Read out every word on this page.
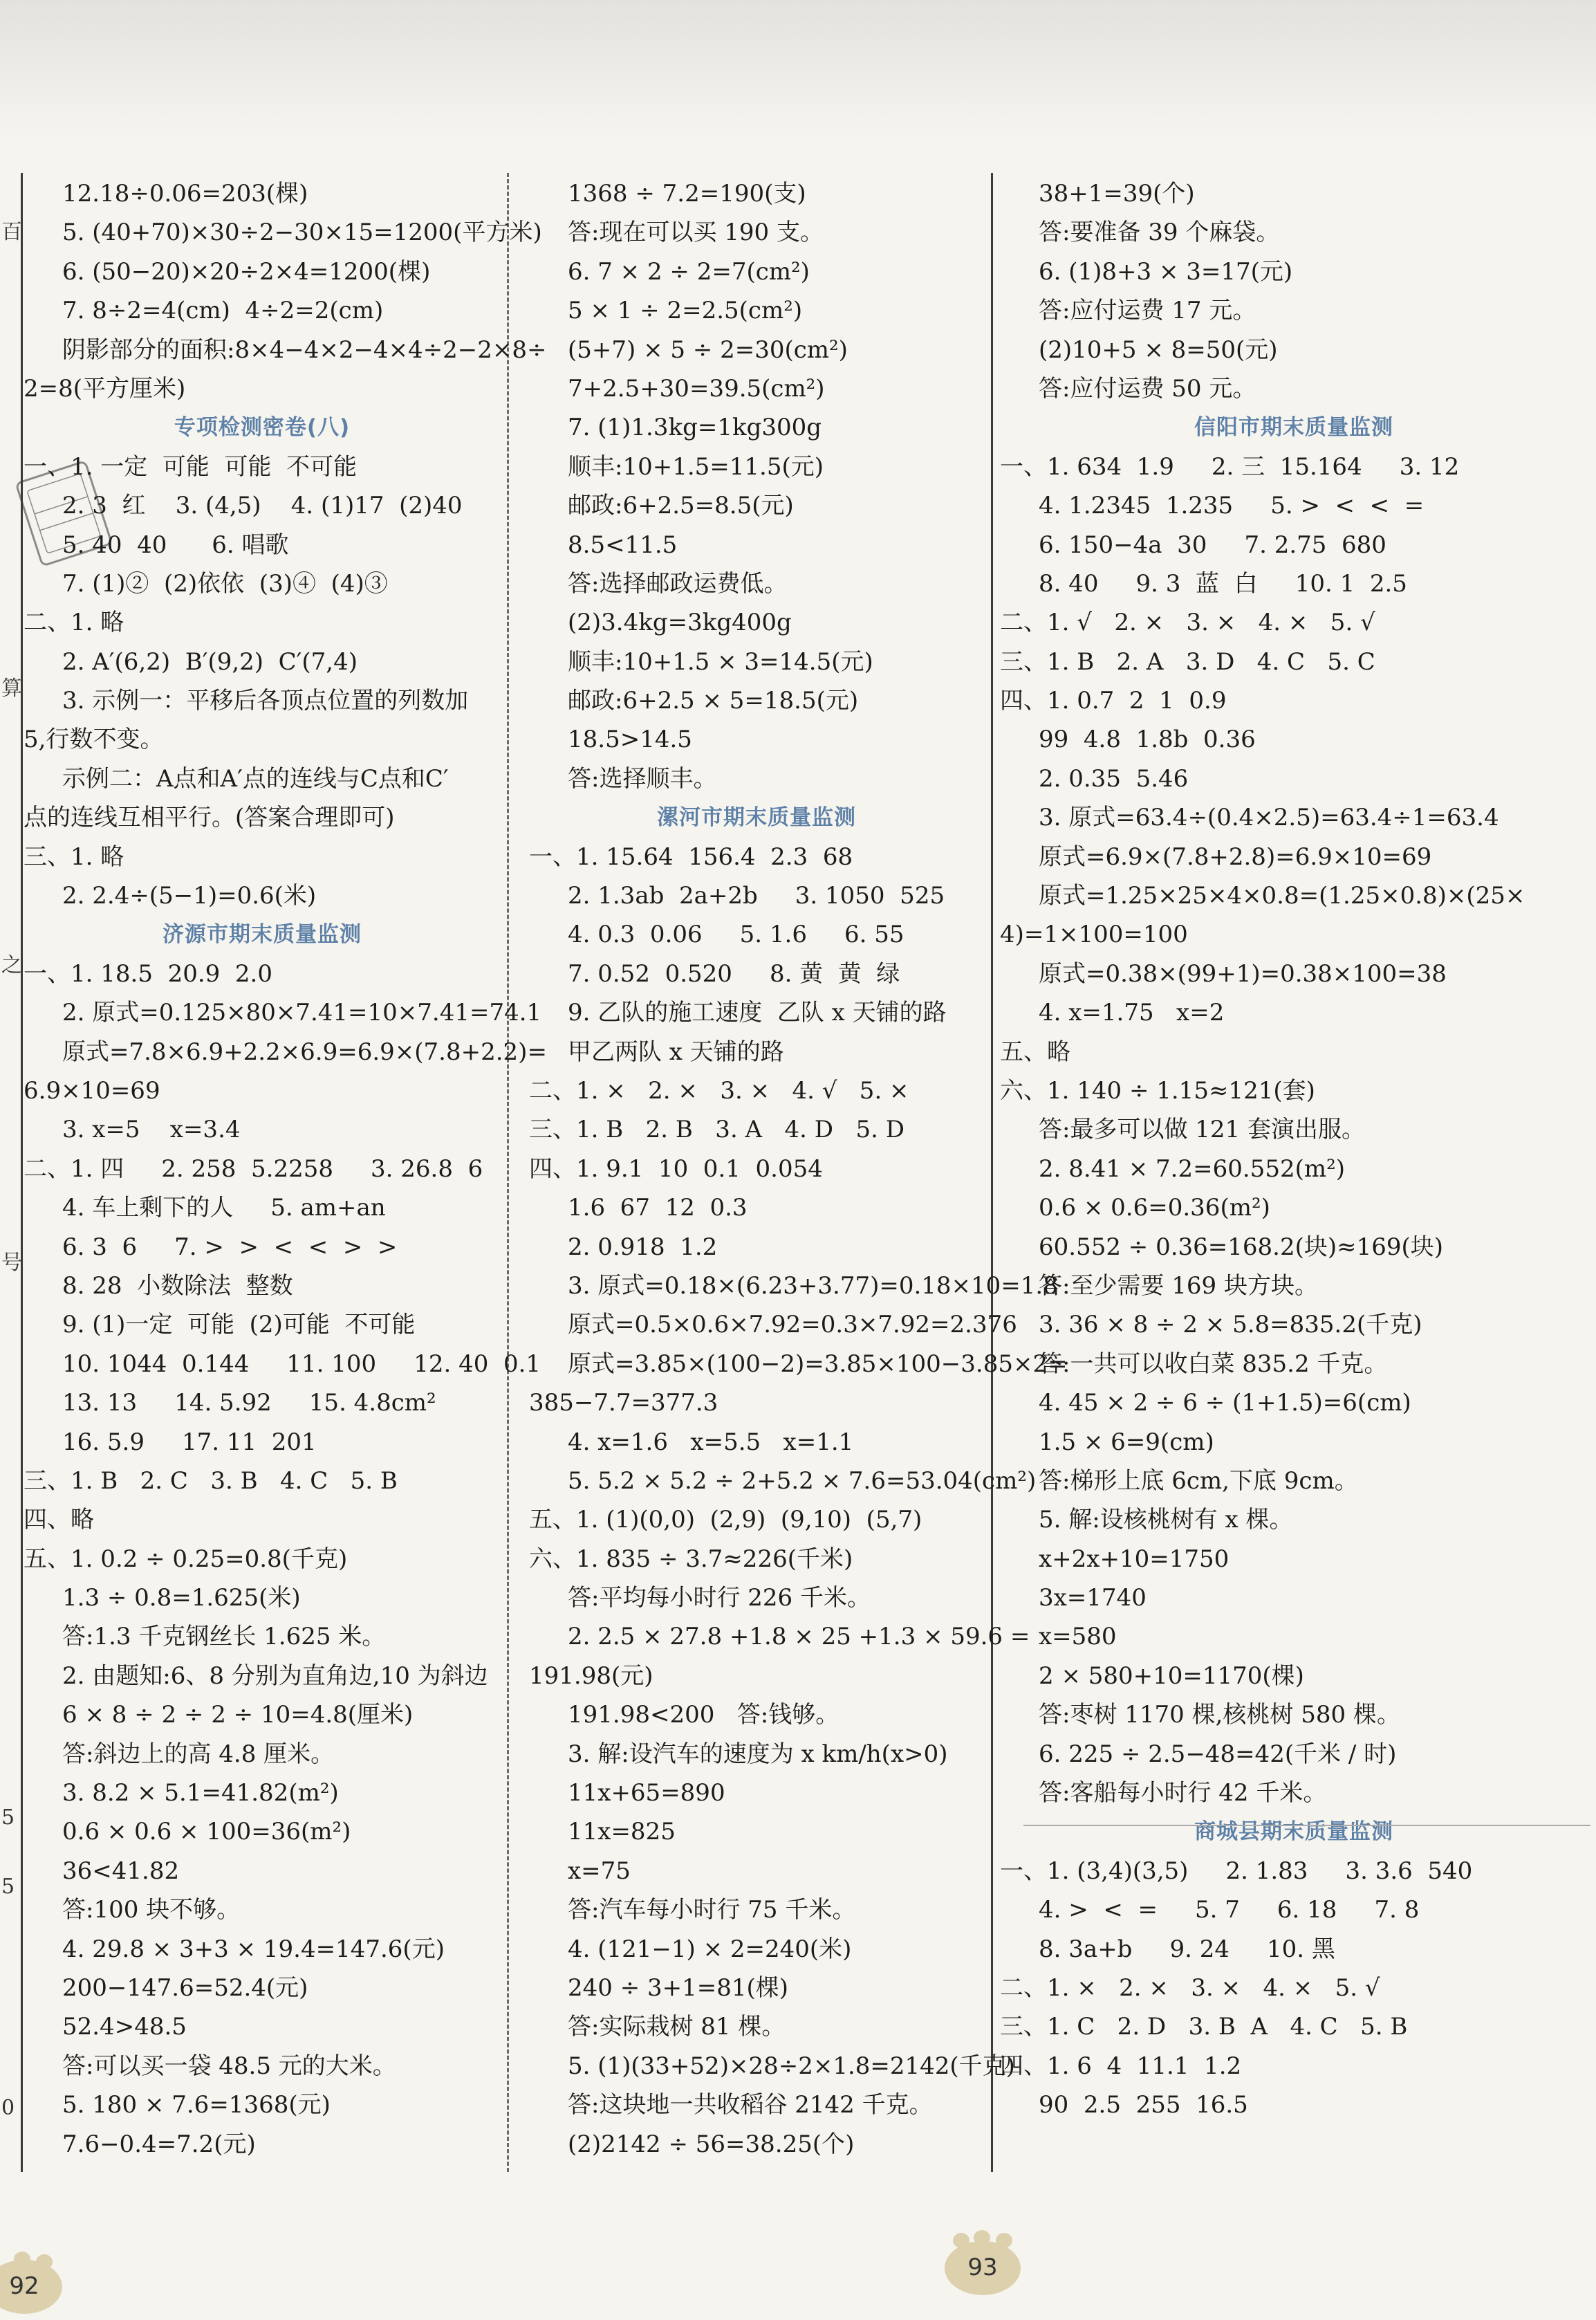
百
算
之
号
5
5
0
12.18÷0.06=203(棵)
5. (40+70)×30÷2−30×15=1200(平方米)
6. (50−20)×20÷2×4=1200(棵)
7. 8÷2=4(cm)  4÷2=2(cm)
阴影部分的面积:8×4−4×2−4×4÷2−2×8÷
2=8(平方厘米)
专项检测密卷(八)
一、1. 一定  可能  可能  不可能
2. 3  红    3. (4,5)    4. (1)17  (2)40
5. 40  40      6. 唱歌
7. (1)②  (2)依依  (3)④  (4)③
二、1. 略
2. A′(6,2)  B′(9,2)  C′(7,4)
3. 示例一：平移后各顶点位置的列数加
5,行数不变。
示例二：A点和A′点的连线与C点和C′
点的连线互相平行。(答案合理即可)
三、1. 略
2. 2.4÷(5−1)=0.6(米)
济源市期末质量监测
一、1. 18.5  20.9  2.0
2. 原式=0.125×80×7.41=10×7.41=74.1
原式=7.8×6.9+2.2×6.9=6.9×(7.8+2.2)=
6.9×10=69
3. x=5    x=3.4
二、1. 四     2. 258  5.2258     3. 26.8  6
4. 车上剩下的人     5. am+an
6. 3  6     7. >  >  <  <  >  >
8. 28  小数除法  整数
9. (1)一定  可能  (2)可能  不可能
10. 1044  0.144     11. 100     12. 40  0.1
13. 13     14. 5.92     15. 4.8cm²
16. 5.9     17. 11  201
三、1. B   2. C   3. B   4. C   5. B
四、略
五、1. 0.2 ÷ 0.25=0.8(千克)
1.3 ÷ 0.8=1.625(米)
答:1.3 千克钢丝长 1.625 米。
2. 由题知:6、8 分别为直角边,10 为斜边
6 × 8 ÷ 2 ÷ 2 ÷ 10=4.8(厘米)
答:斜边上的高 4.8 厘米。
3. 8.2 × 5.1=41.82(m²)
0.6 × 0.6 × 100=36(m²)
36<41.82
答:100 块不够。
4. 29.8 × 3+3 × 19.4=147.6(元)
200−147.6=52.4(元)
52.4>48.5
答:可以买一袋 48.5 元的大米。
5. 180 × 7.6=1368(元)
7.6−0.4=7.2(元)
1368 ÷ 7.2=190(支)
答:现在可以买 190 支。
6. 7 × 2 ÷ 2=7(cm²)
5 × 1 ÷ 2=2.5(cm²)
(5+7) × 5 ÷ 2=30(cm²)
7+2.5+30=39.5(cm²)
7. (1)1.3kg=1kg300g
顺丰:10+1.5=11.5(元)
邮政:6+2.5=8.5(元)
8.5<11.5
答:选择邮政运费低。
(2)3.4kg=3kg400g
顺丰:10+1.5 × 3=14.5(元)
邮政:6+2.5 × 5=18.5(元)
18.5>14.5
答:选择顺丰。
漯河市期末质量监测
一、1. 15.64  156.4  2.3  68
2. 1.3ab  2a+2b     3. 1050  525
4. 0.3  0.06     5. 1.6     6. 55
7. 0.52  0.520     8. 黄  黄  绿
9. 乙队的施工速度  乙队 x 天铺的路
甲乙两队 x 天铺的路
二、1. ×   2. ×   3. ×   4. √   5. ×
三、1. B   2. B   3. A   4. D   5. D
四、1. 9.1  10  0.1  0.054
1.6  67  12  0.3
2. 0.918  1.2
3. 原式=0.18×(6.23+3.77)=0.18×10=1.8
原式=0.5×0.6×7.92=0.3×7.92=2.376
原式=3.85×(100−2)=3.85×100−3.85×2=
385−7.7=377.3
4. x=1.6   x=5.5   x=1.1
5. 5.2 × 5.2 ÷ 2+5.2 × 7.6=53.04(cm²)
五、1. (1)(0,0)  (2,9)  (9,10)  (5,7)
六、1. 835 ÷ 3.7≈226(千米)
答:平均每小时行 226 千米。
2. 2.5 × 27.8 +1.8 × 25 +1.3 × 59.6 =
191.98(元)
191.98<200   答:钱够。
3. 解:设汽车的速度为 x km/h(x>0)
11x+65=890
11x=825
x=75
答:汽车每小时行 75 千米。
4. (121−1) × 2=240(米)
240 ÷ 3+1=81(棵)
答:实际栽树 81 棵。
5. (1)(33+52)×28÷2×1.8=2142(千克)
答:这块地一共收稻谷 2142 千克。
(2)2142 ÷ 56=38.25(个)
38+1=39(个)
答:要准备 39 个麻袋。
6. (1)8+3 × 3=17(元)
答:应付运费 17 元。
(2)10+5 × 8=50(元)
答:应付运费 50 元。
信阳市期末质量监测
一、1. 634  1.9     2. 三  15.164     3. 12
4. 1.2345  1.235     5. >  <  <  =
6. 150−4a  30     7. 2.75  680
8. 40     9. 3  蓝  白     10. 1  2.5
二、1. √   2. ×   3. ×   4. ×   5. √
三、1. B   2. A   3. D   4. C   5. C
四、1. 0.7  2  1  0.9
99  4.8  1.8b  0.36
2. 0.35  5.46
3. 原式=63.4÷(0.4×2.5)=63.4÷1=63.4
原式=6.9×(7.8+2.8)=6.9×10=69
原式=1.25×25×4×0.8=(1.25×0.8)×(25×
4)=1×100=100
原式=0.38×(99+1)=0.38×100=38
4. x=1.75   x=2
五、略
六、1. 140 ÷ 1.15≈121(套)
答:最多可以做 121 套演出服。
2. 8.41 × 7.2=60.552(m²)
0.6 × 0.6=0.36(m²)
60.552 ÷ 0.36=168.2(块)≈169(块)
答:至少需要 169 块方块。
3. 36 × 8 ÷ 2 × 5.8=835.2(千克)
答:一共可以收白菜 835.2 千克。
4. 45 × 2 ÷ 6 ÷ (1+1.5)=6(cm)
1.5 × 6=9(cm)
答:梯形上底 6cm,下底 9cm。
5. 解:设核桃树有 x 棵。
x+2x+10=1750
3x=1740
x=580
2 × 580+10=1170(棵)
答:枣树 1170 棵,核桃树 580 棵。
6. 225 ÷ 2.5−48=42(千米 / 时)
答:客船每小时行 42 千米。
商城县期末质量监测
一、1. (3,4)(3,5)     2. 1.83     3. 3.6  540
4. >  <  =     5. 7     6. 18     7. 8
8. 3a+b     9. 24     10. 黑
二、1. ×   2. ×   3. ×   4. ×   5. √
三、1. C   2. D   3. B  A   4. C   5. B
四、1. 6  4  11.1  1.2
90  2.5  255  16.5
92
93
